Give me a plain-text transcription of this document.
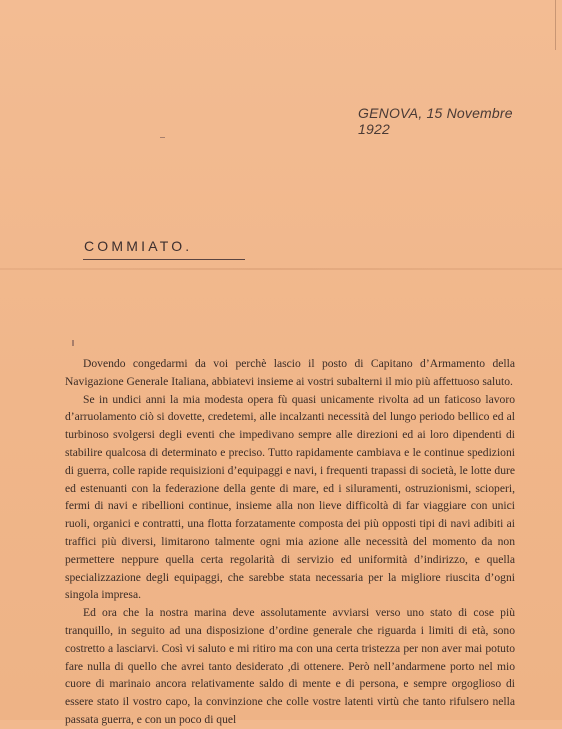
GENOVA, 15 Novembre 1922
COMMIATO.

Dovendo congedarmi da voi perchè lascio il posto di Capitano d’Armamento della Navigazione Generale Italiana, abbiatevi insieme ai vostri subalterni il mio più affettuoso saluto.

Se in undici anni la mia modesta opera fù quasi unicamente rivolta ad un faticoso lavoro d’arruolamento ciò si dovette, credetemi, alle incalzanti necessità del lungo periodo bellico ed al turbinoso svolgersi degli eventi che impedivano sempre alle direzioni ed ai loro dipendenti di stabilire qualcosa di determinato e preciso. Tutto rapidamente cambiava e le continue spedizioni di guerra, colle rapide requisizioni d’equipaggi e navi, i frequenti trapassi di società, le lotte dure ed estenuanti con la federazione della gente di mare, ed i siluramenti, ostruzionismi, scioperi, fermi di navi e ribellioni continue, insieme alla non lieve difficoltà di far viaggiare con unici ruoli, organici e contratti, una flotta forzatamente composta dei più opposti tipi di navi adibiti ai traffici più diversi, limitarono talmente ogni mia azione alle necessità del momento da non permettere neppure quella certa regolarità di servizio ed uniformità d’indirizzo, e quella specializzazione degli equipaggi, che sarebbe stata necessaria per la migliore riuscita d’ogni singola impresa.

Ed ora che la nostra marina deve assolutamente avviarsi verso uno stato di cose più tranquillo, in seguito ad una disposizione d’ordine generale che riguarda i limiti di età, sono costretto a lasciarvi. Così vi saluto e mi ritiro ma con una certa tristezza per non aver mai potuto fare nulla di quello che avrei tanto desiderato ,di ottenere. Però nell’andarmene porto nel mio cuore di marinaio ancora relativamente saldo di mente e di persona, e sempre orgoglioso di essere stato il vostro capo, la convinzione che colle vostre latenti virtù che tanto rifulsero nella passata guerra, e con un poco di quel
